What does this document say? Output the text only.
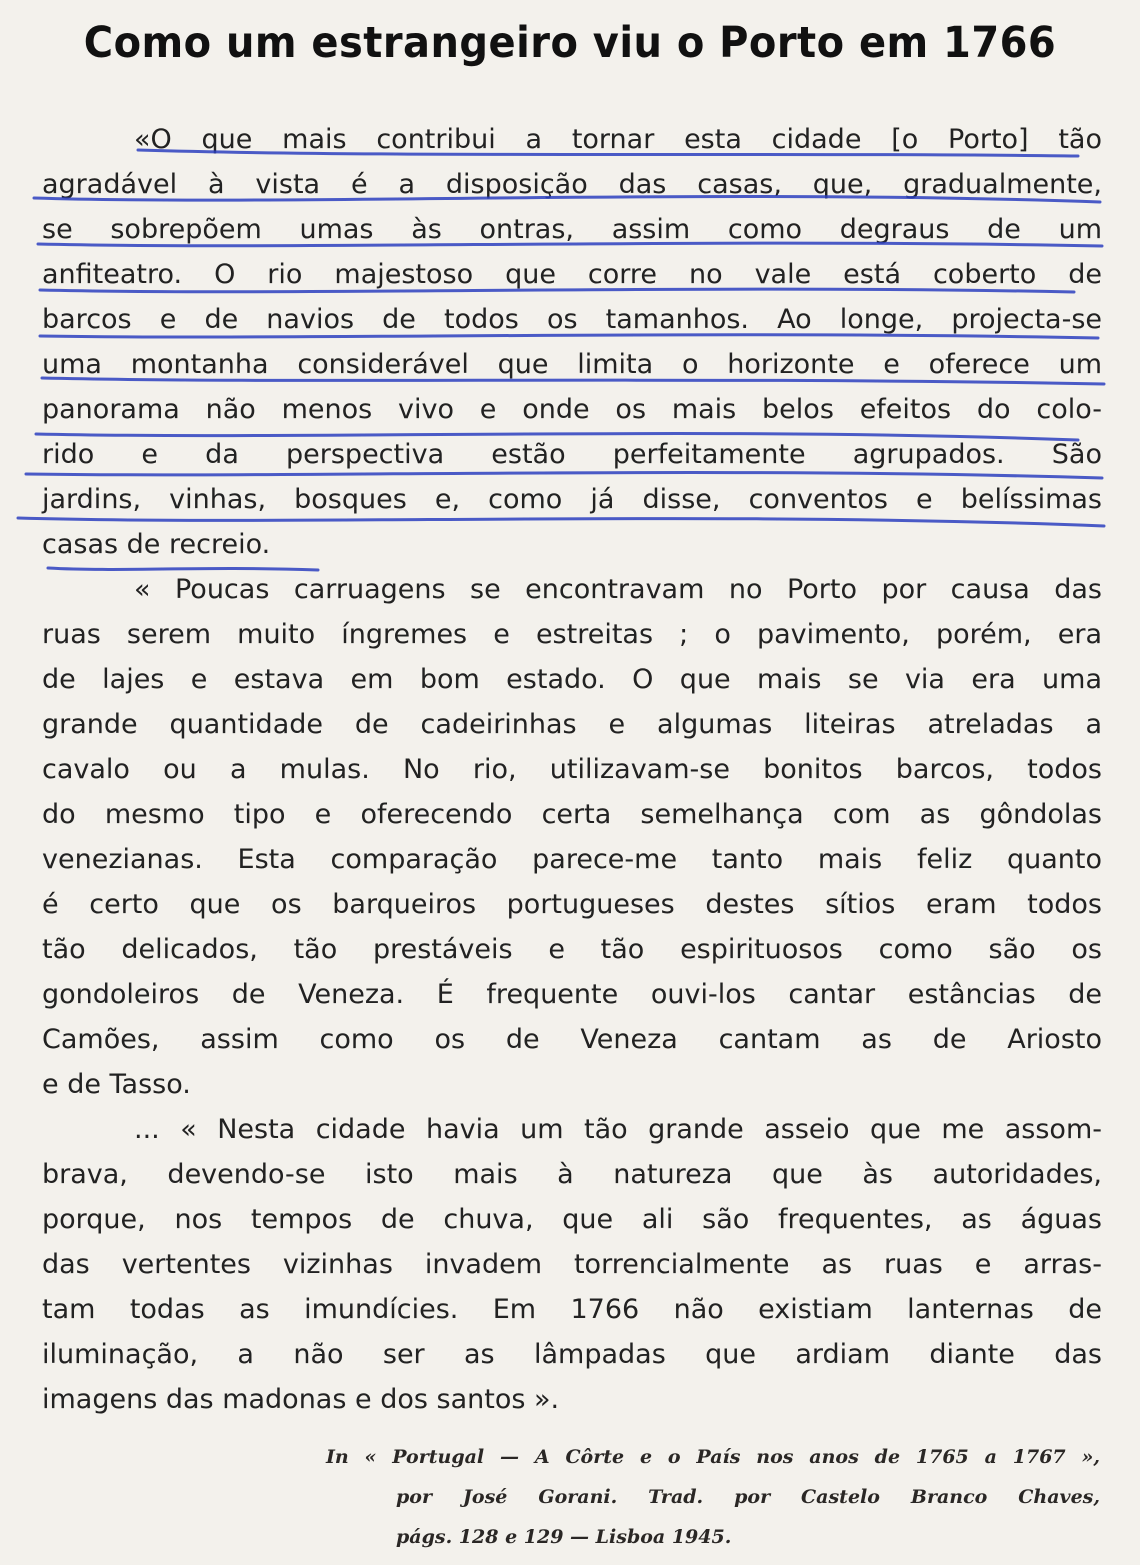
Como um estrangeiro viu o Porto em 1766
«O que mais contribui a tornar esta cidade [o Porto] tão
agradável à vista é a disposição das casas, que, gradualmente,
se sobrepõem umas às ontras, assim como degraus de um
anfiteatro. O rio majestoso que corre no vale está coberto de
barcos e de navios de todos os tamanhos. Ao longe, projecta-se
uma montanha considerável que limita o horizonte e oferece um
panorama não menos vivo e onde os mais belos efeitos do colo-
rido e da perspectiva estão perfeitamente agrupados. São
jardins, vinhas, bosques e, como já disse, conventos e belíssimas
casas de recreio.
« Poucas carruagens se encontravam no Porto por causa das
ruas serem muito íngremes e estreitas ; o pavimento, porém, era
de lajes e estava em bom estado. O que mais se via era uma
grande quantidade de cadeirinhas e algumas liteiras atreladas a
cavalo ou a mulas. No rio, utilizavam-se bonitos barcos, todos
do mesmo tipo e oferecendo certa semelhança com as gôndolas
venezianas. Esta comparação parece-me tanto mais feliz quanto
é certo que os barqueiros portugueses destes sítios eram todos
tão delicados, tão prestáveis e tão espirituosos como são os
gondoleiros de Veneza. É frequente ouvi-los cantar estâncias de
Camões, assim como os de Veneza cantam as de Ariosto
e de Tasso.
... « Nesta cidade havia um tão grande asseio que me assom-
brava, devendo-se isto mais à natureza que às autoridades,
porque, nos tempos de chuva, que ali são frequentes, as águas
das vertentes vizinhas invadem torrencialmente as ruas e arras-
tam todas as imundícies. Em 1766 não existiam lanternas de
iluminação, a não ser as lâmpadas que ardiam diante das
imagens das madonas e dos santos ».
In « Portugal — A Côrte e o País nos anos de 1765 a 1767 »,
por José Gorani. Trad. por Castelo Branco Chaves,
págs. 128 e 129 — Lisboa 1945.
